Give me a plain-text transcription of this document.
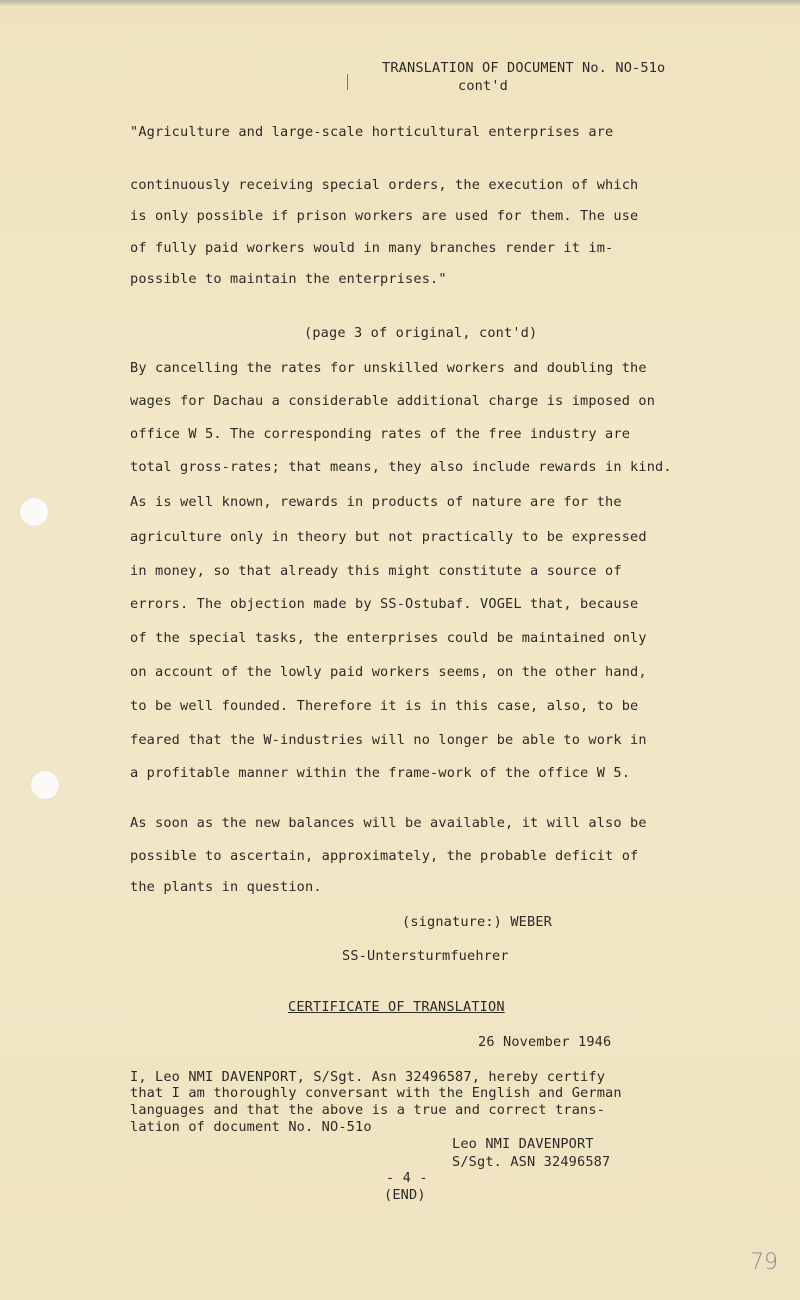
TRANSLATION OF DOCUMENT No. NO-51o
cont'd
"Agriculture and large-scale horticultural enterprises are
continuously receiving special orders, the execution of which
is only possible if prison workers are used for them. The use
of fully paid workers would in many branches render it im-
possible to maintain the enterprises."
(page 3 of original, cont'd)
By cancelling the rates for unskilled workers and doubling the
wages for Dachau a considerable additional charge is imposed on
office W 5. The corresponding rates of the free industry are
total gross-rates; that means, they also include rewards in kind.
As is well known, rewards in products of nature are for the
agriculture only in theory but not practically to be expressed
in money, so that already this might constitute a source of
errors. The objection made by SS-Ostubaf. VOGEL that, because
of the special tasks, the enterprises could be maintained only
on account of the lowly paid workers seems, on the other hand,
to be well founded. Therefore it is in this case, also, to be
feared that the W-industries will no longer be able to work in
a profitable manner within the frame-work of the office W 5.
As soon as the new balances will be available, it will also be
possible to ascertain, approximately, the probable deficit of
the plants in question.
(signature:) WEBER
SS-Untersturmfuehrer
CERTIFICATE OF TRANSLATION
26 November 1946
I, Leo NMI DAVENPORT, S/Sgt. Asn 32496587, hereby certify
that I am thoroughly conversant with the English and German
languages and that the above is a true and correct trans-
lation of document No. NO-51o
Leo NMI DAVENPORT
S/Sgt. ASN 32496587
- 4 -
(END)
79
